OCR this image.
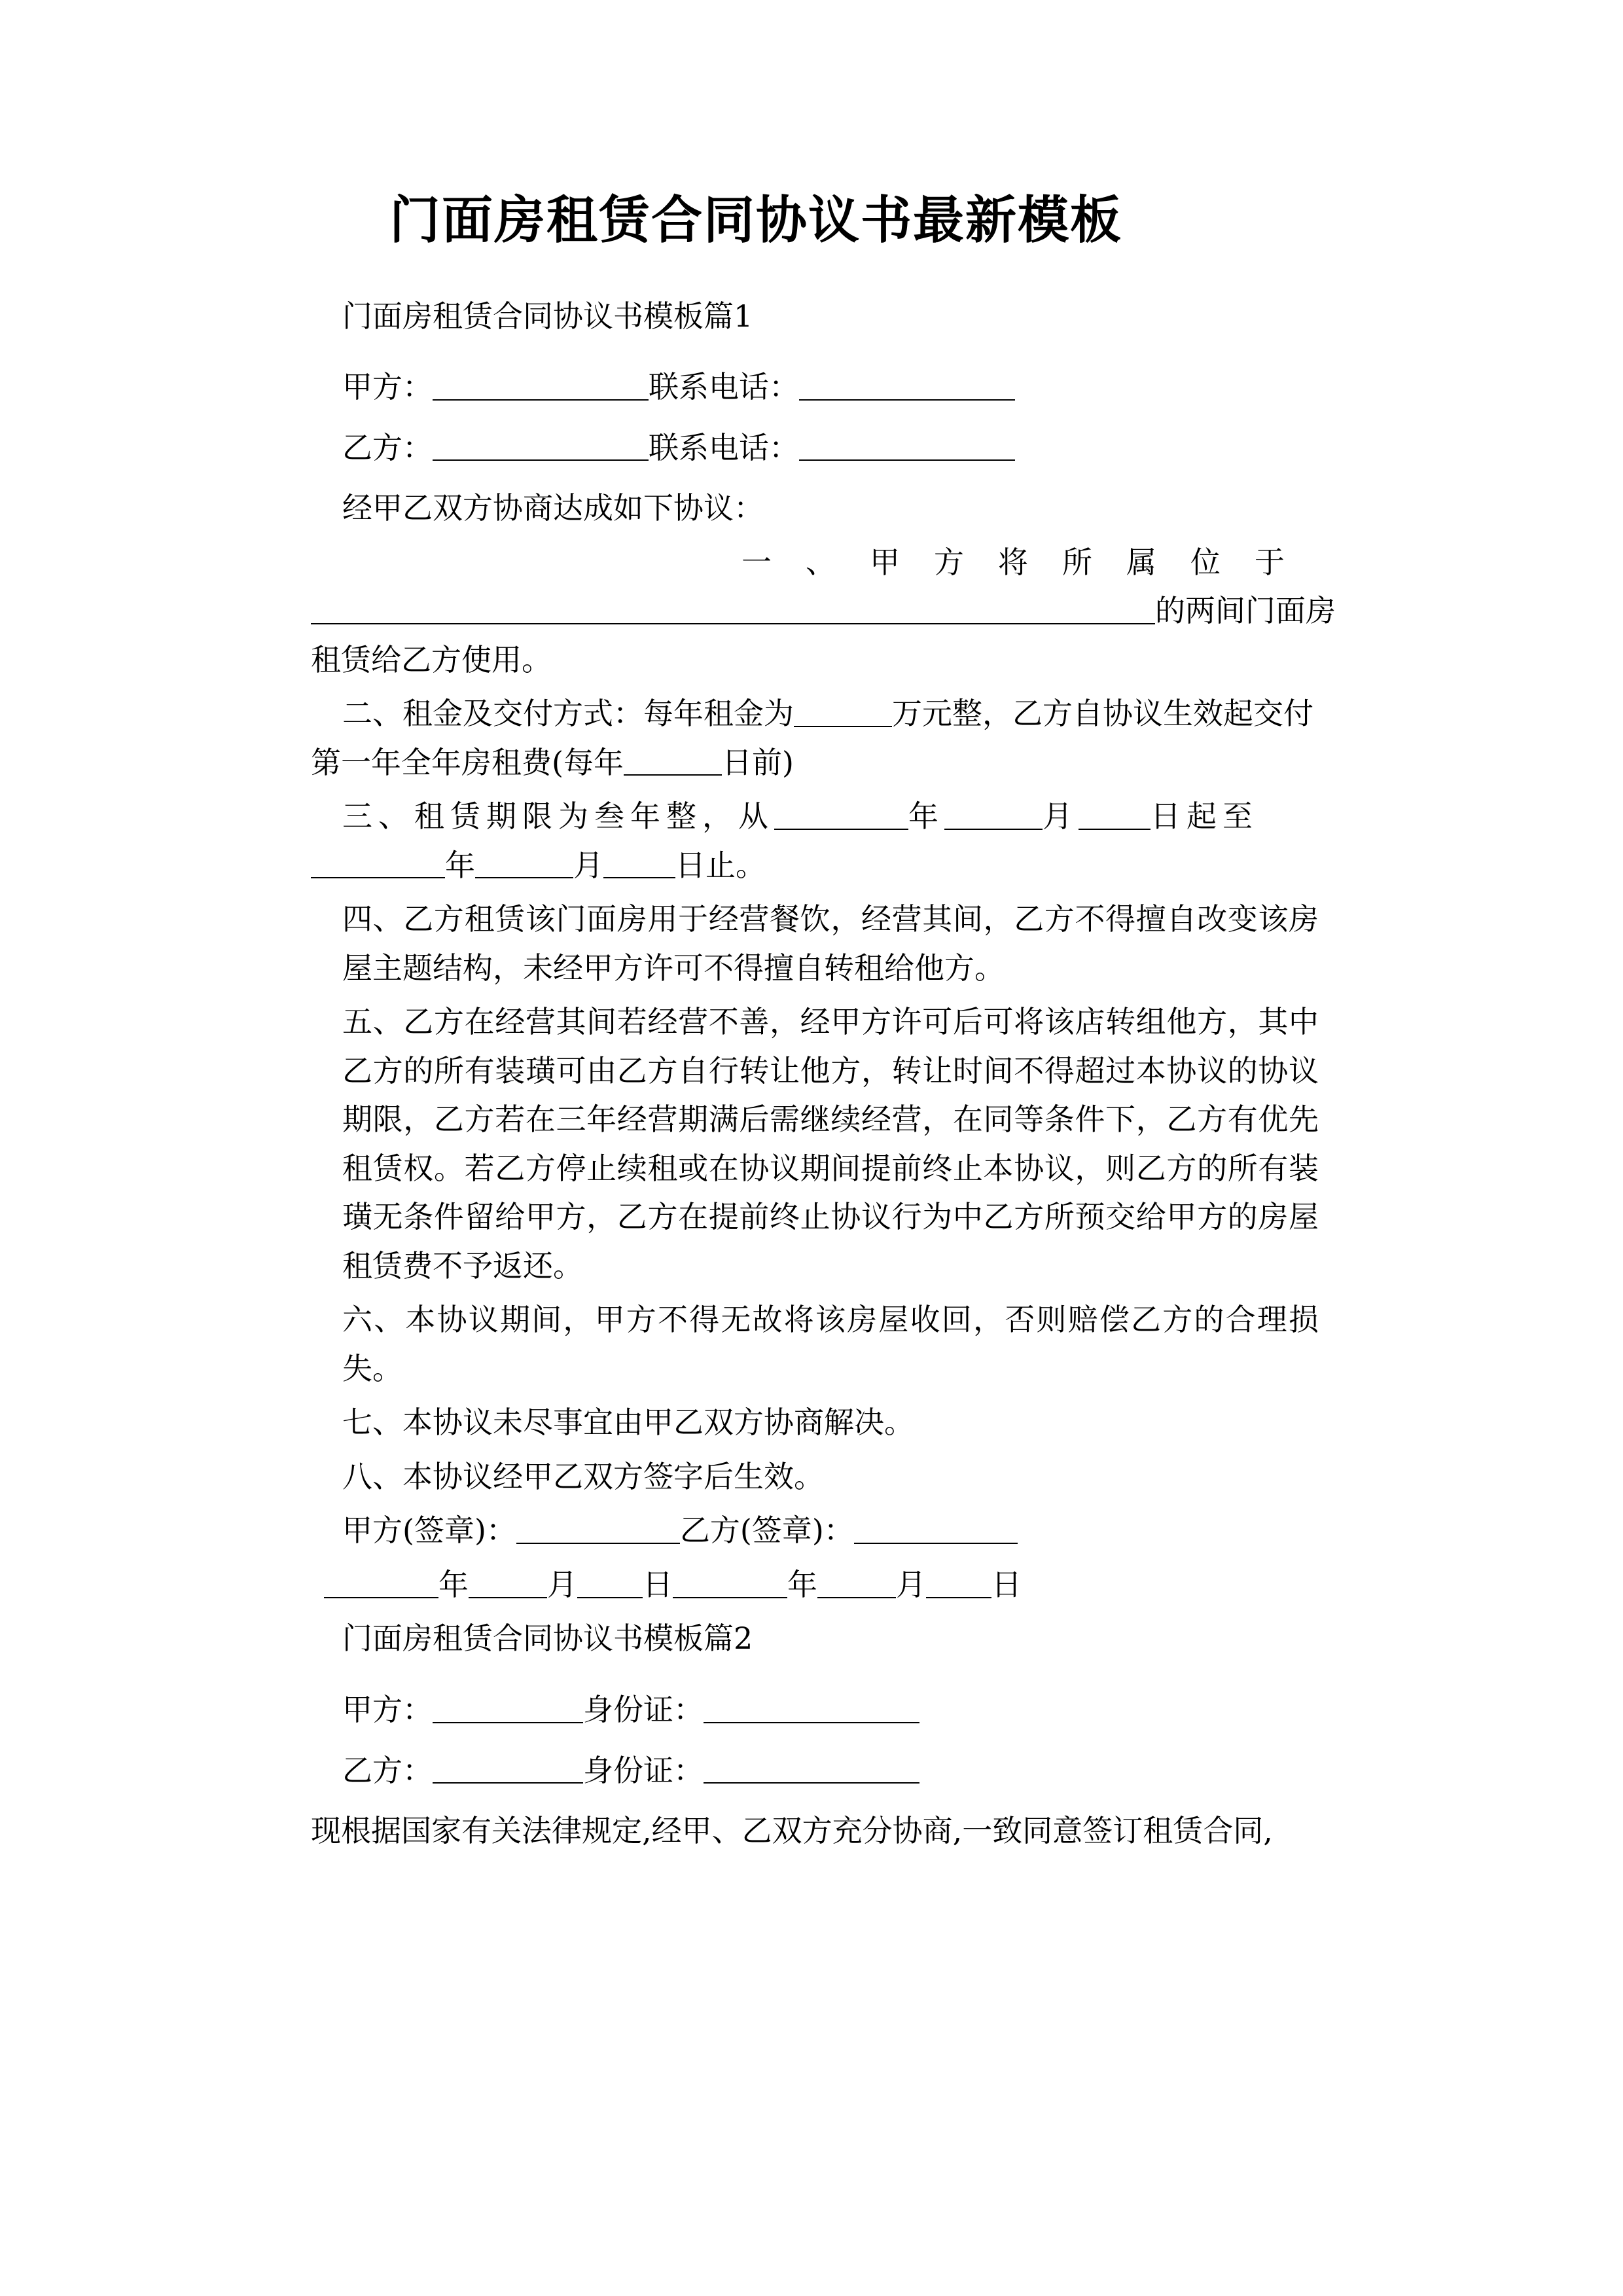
门面房租赁合同协议书最新模板

门面房租赁合同协议书模板篇1

甲方：	联系电话：

乙方：	联系电话：

经甲乙双方协商达成如下协议：

一、甲方将所属位于

的两间门面房

租赁给乙方使用。

二、租金及交付方式：每年租金为	万元整，乙方自协议生效起交付

第一年全年房租费(每年	日前)

三、租赁期限为叁年整，从	年	月 日起至

年	月 日止。

四、乙方租赁该门面房用于经营餐饮，经营其间，乙方不得擅自改变该房屋主题结构，未经甲方许可不得擅自转租给他方。

五、乙方在经营其间若经营不善，经甲方许可后可将该店转组他方，其中乙方的所有装璜可由乙方自行转让他方，转让时间不得超过本协议的协议期限，乙方若在三年经营期满后需继续经营，在同等条件下，乙方有优先租赁权。若乙方停止续租或在协议期间提前终止本协议，则乙方的所有装璜无条件留给甲方，乙方在提前终止协议行为中乙方所预交给甲方的房屋租赁费不予返还。

六、本协议期间，甲方不得无故将该房屋收回，否则赔偿乙方的合理损失。

七、本协议未尽事宜由甲乙双方协商解决。

八、本协议经甲乙双方签字后生效。

甲方(签章)：	乙方(签章)：

年	月 日	年	月 日

门面房租赁合同协议书模板篇2

甲方：	身份证：

乙方：	身份证：

现根据国家有关法律规定,经甲、乙双方充分协商,一致同意签订租赁合同,
